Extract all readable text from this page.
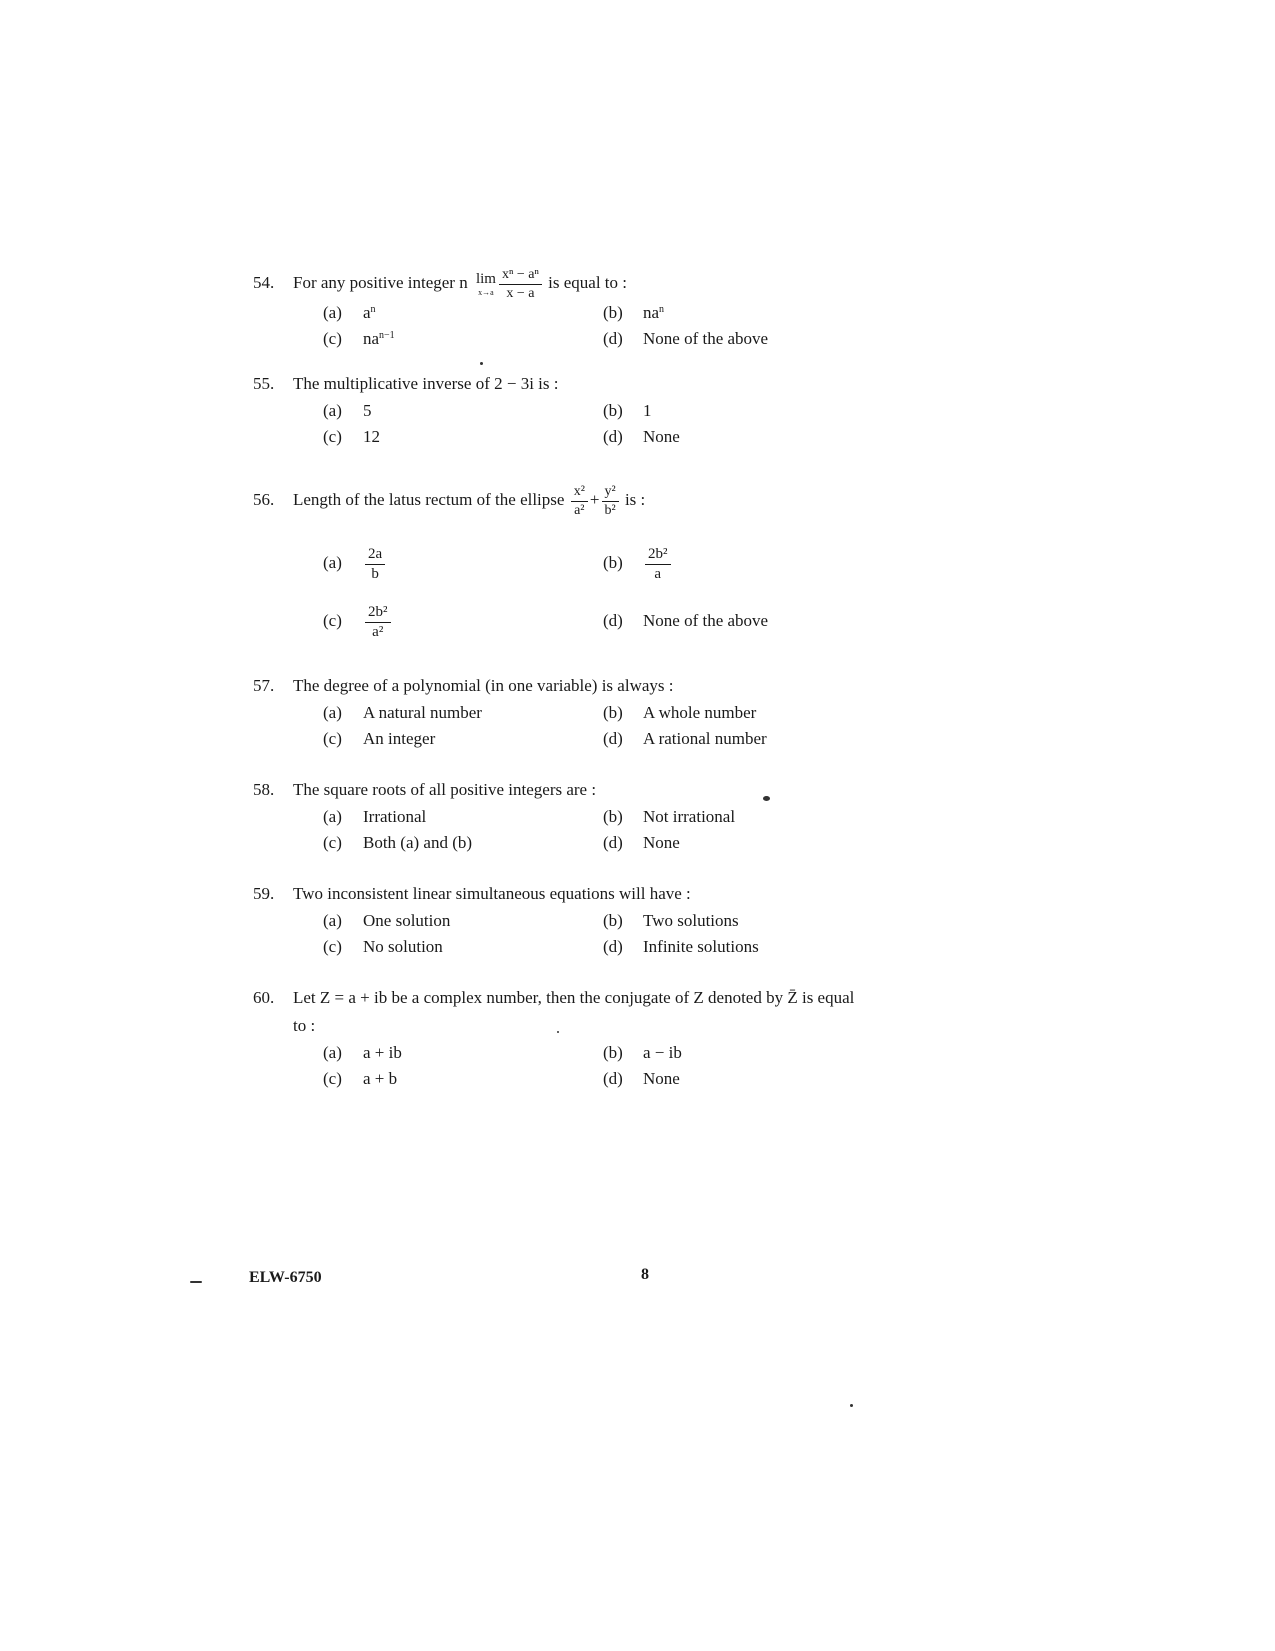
54.	For any positive integer n lim
$x\to a \frac{\text{xⁿ − aⁿ}}{x - a}$ is equal to :
(a) $a^n$	(b) $na^n$
(c) $na^{n-1}$	(d) None of the above
55.	The multiplicative inverse of 2 − 3i is :
(a) 5	(b) 1
(c) 12	(d) None
56.	Length of the latus rectum of the ellipse $\frac{\text{x²}}{\text{a²}} + \frac{\text{y²}}{\text{b²}}$ is :
$(a) \frac{2a}{b}$	$(b) \frac{\text{2b²}}{a}$
$(c) \frac{\text{2b²}}{\text{a²}}$	(d) None of the above
57.	The degree of a polynomial (in one variable) is always :
(a) A natural number	(b) A whole number
(c) An integer	(d) A rational number
58.	The square roots of all positive integers are :
(a) Irrational	(b) Not irrational
(c) Both (a) and (b)	(d) None
59.	Two inconsistent linear simultaneous equations will have :
(a) One solution	(b) Two solutions
(c) No solution	(d) Infinite solutions
60.	Let Z = a + ib be a complex number, then the conjugate of Z denoted by Z̄ is equal
to :
(a) a + ib	(b) a − ib
(c) a + b	(d) None
ELW-6750	8
